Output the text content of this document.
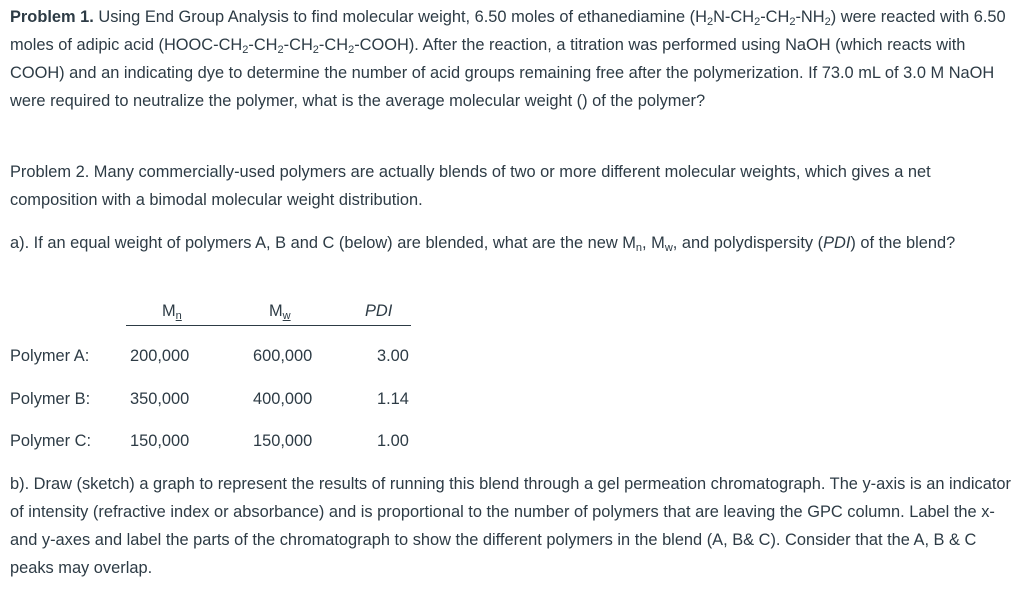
Problem 1. Using End Group Analysis to find molecular weight, 6.50 moles of ethanediamine $(H_2N-CH_2-CH_2-NH_2)$ were reacted with 6.50 moles of adipic acid $(HOOC-CH_2-CH_2-CH_2-CH_2-COOH)$. After the reaction, a titration was performed using NaOH (which reacts with COOH) and an indicating dye to determine the number of acid groups remaining free after the polymerization. If 73.0 mL of 3.0 M NaOH were required to neutralize the polymer, what is the average molecular weight () of the polymer?

Problem 2. Many commercially-used polymers are actually blends of two or more different molecular weights, which gives a net composition with a bimodal molecular weight distribution.

a). If an equal weight of polymers A, B and C (below) are blended, what are the new $M_n$, $M_w$, and polydispersity (PDI) of the blend?

$M_n$	$M_w$	PDI
Polymer A: 200,000	600,000	3.00
Polymer B: 350,000	400,000	1.14
Polymer C: 150,000	150,000	1.00

b). Draw (sketch) a graph to represent the results of running this blend through a gel permeation chromatograph. The y-axis is an indicator of intensity (refractive index or absorbance) and is proportional to the number of polymers that are leaving the GPC column. Label the x-and y-axes and label the parts of the chromatograph to show the different polymers in the blend (A, B& C). Consider that the A, B & C peaks may overlap.
